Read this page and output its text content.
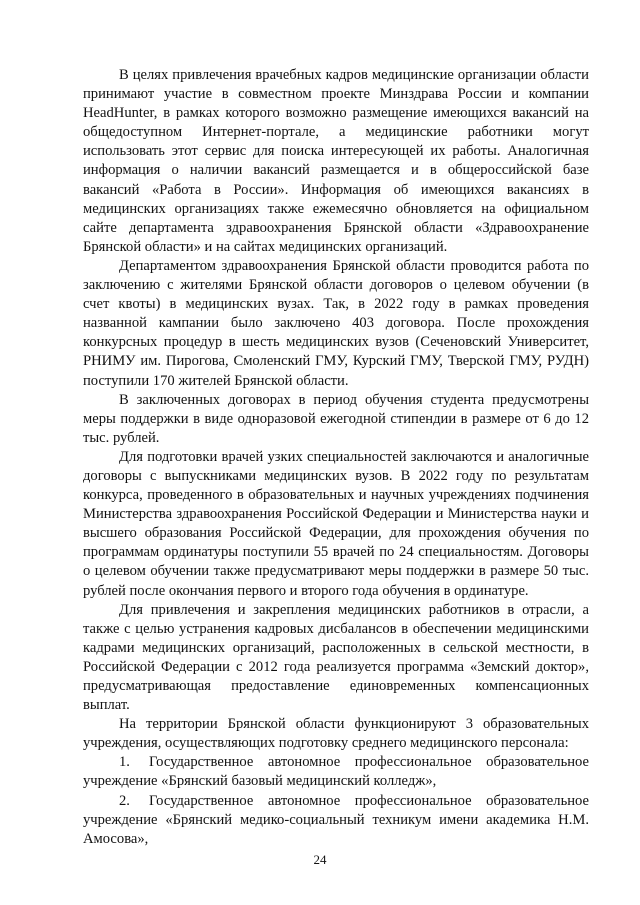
В целях привлечения врачебных кадров медицинские организации области принимают участие в совместном проекте Минздрава России и компании HeadHunter, в рамках которого возможно размещение имеющихся вакансий на общедоступном Интернет-портале, а медицинские работники могут использовать этот сервис для поиска интересующей их работы. Аналогичная информация о наличии вакансий размещается и в общероссийской базе вакансий «Работа в России». Информация об имеющихся вакансиях в медицинских организациях также ежемесячно обновляется на официальном сайте департамента здравоохранения Брянской области «Здравоохранение Брянской области» и на сайтах медицинских организаций.

Департаментом здравоохранения Брянской области проводится работа по заключению с жителями Брянской области договоров о целевом обучении (в счет квоты) в медицинских вузах. Так, в 2022 году в рамках проведения названной кампании было заключено 403 договора. После прохождения конкурсных процедур в шесть медицинских вузов (Сеченовский Университет, РНИМУ им. Пирогова, Смоленский ГМУ, Курский ГМУ, Тверской ГМУ, РУДН) поступили 170 жителей Брянской области.

В заключенных договорах в период обучения студента предусмотрены меры поддержки в виде одноразовой ежегодной стипендии в размере от 6 до 12 тыс. рублей.

Для подготовки врачей узких специальностей заключаются и аналогичные договоры с выпускниками медицинских вузов. В 2022 году по результатам конкурса, проведенного в образовательных и научных учреждениях подчинения Министерства здравоохранения Российской Федерации и Министерства науки и высшего образования Российской Федерации, для прохождения обучения по программам ординатуры поступили 55 врачей по 24 специальностям. Договоры о целевом обучении также предусматривают меры поддержки в размере 50 тыс. рублей после окончания первого и второго года обучения в ординатуре.

Для привлечения и закрепления медицинских работников в отрасли, а также с целью устранения кадровых дисбалансов в обеспечении медицинскими кадрами медицинских организаций, расположенных в сельской местности, в Российской Федерации с 2012 года реализуется программа «Земский доктор», предусматривающая предоставление единовременных компенсационных выплат.

На территории Брянской области функционируют 3 образовательных учреждения, осуществляющих подготовку среднего медицинского персонала:

1. Государственное автономное профессиональное образовательное учреждение «Брянский базовый медицинский колледж»,
2. Государственное автономное профессиональное образовательное учреждение «Брянский медико-социальный техникум имени академика Н.М. Амосова»,
24
